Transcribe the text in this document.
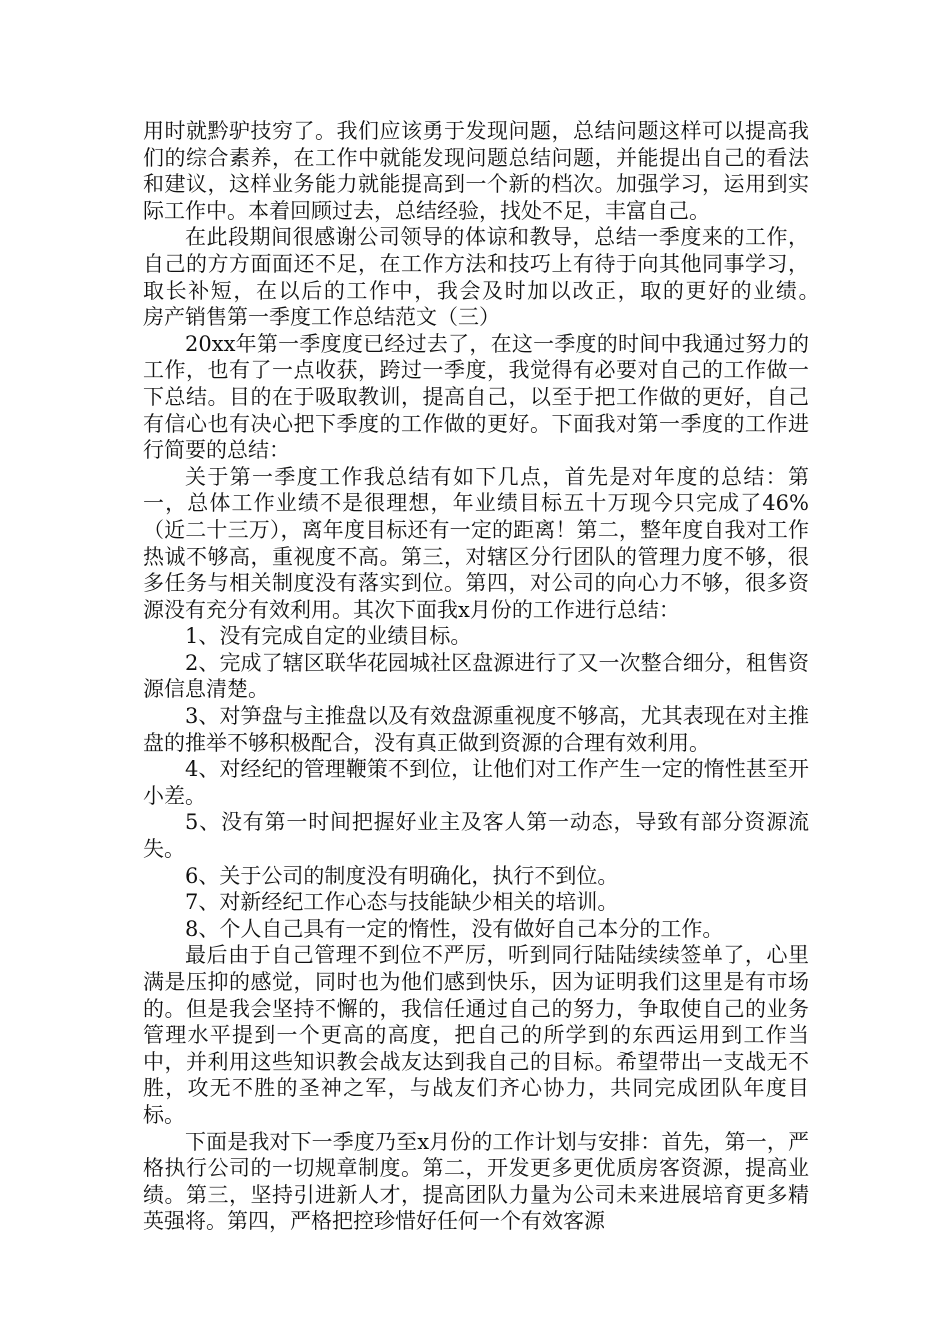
用时就黔驴技穷了。我们应该勇于发现问题，总结问题这样可以提高我们的综合素养，在工作中就能发现问题总结问题，并能提出自己的看法和建议，这样业务能力就能提高到一个新的档次。加强学习，运用到实际工作中。本着回顾过去，总结经验，找处不足，丰富自己。

在此段期间很感谢公司领导的体谅和教导，总结一季度来的工作，自己的方方面面还不足，在工作方法和技巧上有待于向其他同事学习，取长补短，在以后的工作中，我会及时加以改正，取的更好的业绩。　　房产销售第一季度工作总结范文（三）

20xx年第一季度度已经过去了，在这一季度的时间中我通过努力的工作，也有了一点收获，跨过一季度，我觉得有必要对自己的工作做一下总结。目的在于吸取教训，提高自己，以至于把工作做的更好，自己有信心也有决心把下季度的工作做的更好。下面我对第一季度的工作进行简要的总结：

关于第一季度工作我总结有如下几点，首先是对年度的总结：第一，总体工作业绩不是很理想，年业绩目标五十万现今只完成了46%（近二十三万），离年度目标还有一定的距离！第二，整年度自我对工作热诚不够高，重视度不高。第三，对辖区分行团队的管理力度不够，很多任务与相关制度没有落实到位。第四，对公司的向心力不够，很多资源没有充分有效利用。其次下面我x月份的工作进行总结：

1、没有完成自定的业绩目标。

2、完成了辖区联华花园城社区盘源进行了又一次整合细分，租售资源信息清楚。

3、对笋盘与主推盘以及有效盘源重视度不够高，尤其表现在对主推盘的推举不够积极配合，没有真正做到资源的合理有效利用。

4、对经纪的管理鞭策不到位，让他们对工作产生一定的惰性甚至开小差。

5、没有第一时间把握好业主及客人第一动态，导致有部分资源流失。

6、关于公司的制度没有明确化，执行不到位。

7、对新经纪工作心态与技能缺少相关的培训。

8、个人自己具有一定的惰性，没有做好自己本分的工作。

最后由于自己管理不到位不严厉，听到同行陆陆续续签单了，心里满是压抑的感觉，同时也为他们感到快乐，因为证明我们这里是有市场的。但是我会坚持不懈的，我信任通过自己的努力，争取使自己的业务管理水平提到一个更高的高度，把自己的所学到的东西运用到工作当中，并利用这些知识教会战友达到我自己的目标。希望带出一支战无不胜，攻无不胜的圣神之军，与战友们齐心协力，共同完成团队年度目标。

下面是我对下一季度乃至x月份的工作计划与安排：首先，第一，严格执行公司的一切规章制度。第二，开发更多更优质房客资源，提高业绩。第三，坚持引进新人才，提高团队力量为公司未来进展培育更多精英强将。第四，严格把控珍惜好任何一个有效客源
